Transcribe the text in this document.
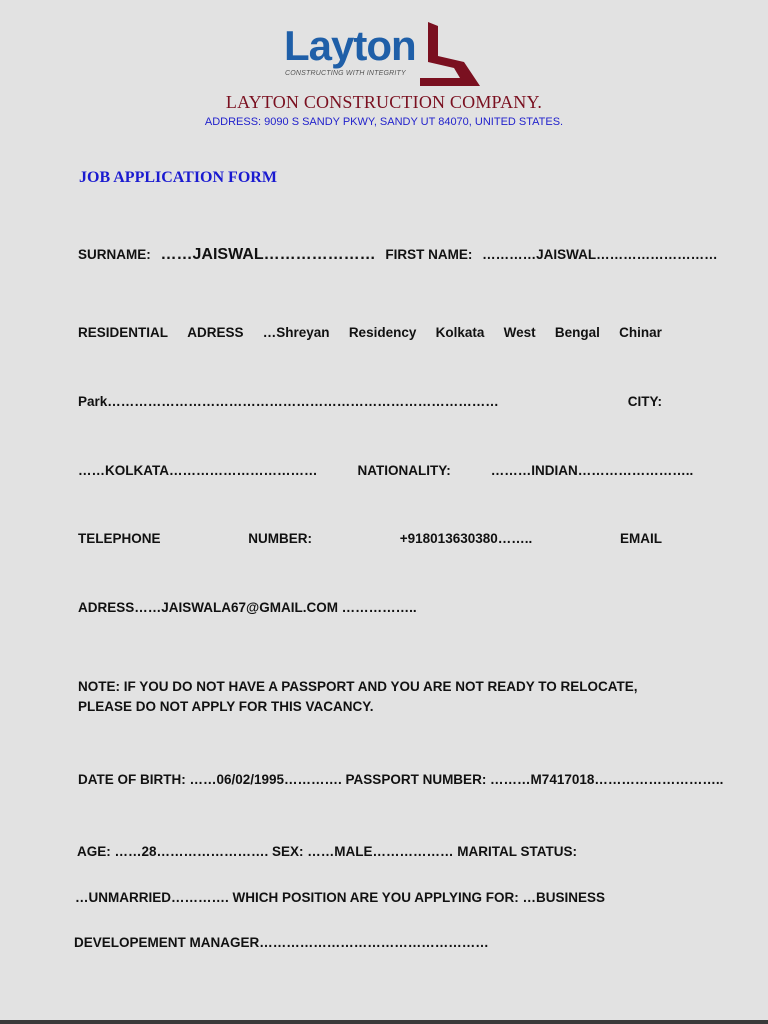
Layton
CONSTRUCTING WITH INTEGRITY
LAYTON CONSTRUCTION COMPANY.
ADDRESS: 9090 S SANDY PKWY, SANDY UT 84070, UNITED STATES.
JOB APPLICATION FORM
SURNAME: ……JAISWAL………………… FIRST NAME: …………JAISWAL………………………
RESIDENTIAL ADRESS …Shreyan Residency Kolkata West Bengal Chinar
Park……………………………………………………………………………	CITY:
……KOLKATA……………………………	NATIONALITY:	………INDIAN……………………..
TELEPHONE	NUMBER:	+918013630380……..	EMAIL
ADRESS……JAISWALA67@GMAIL.COM ……………..
NOTE: IF YOU DO NOT HAVE A PASSPORT AND YOU ARE NOT READY TO RELOCATE,
PLEASE DO NOT APPLY FOR THIS VACANCY.
DATE OF BIRTH: ……06/02/1995…………. PASSPORT NUMBER: ………M7417018………………………..
AGE: ……28……………………. SEX: ……MALE……………… MARITAL STATUS:
…UNMARRIED…………. WHICH POSITION ARE YOU APPLYING FOR: …BUSINESS
DEVELOPEMENT MANAGER……………………………………………
